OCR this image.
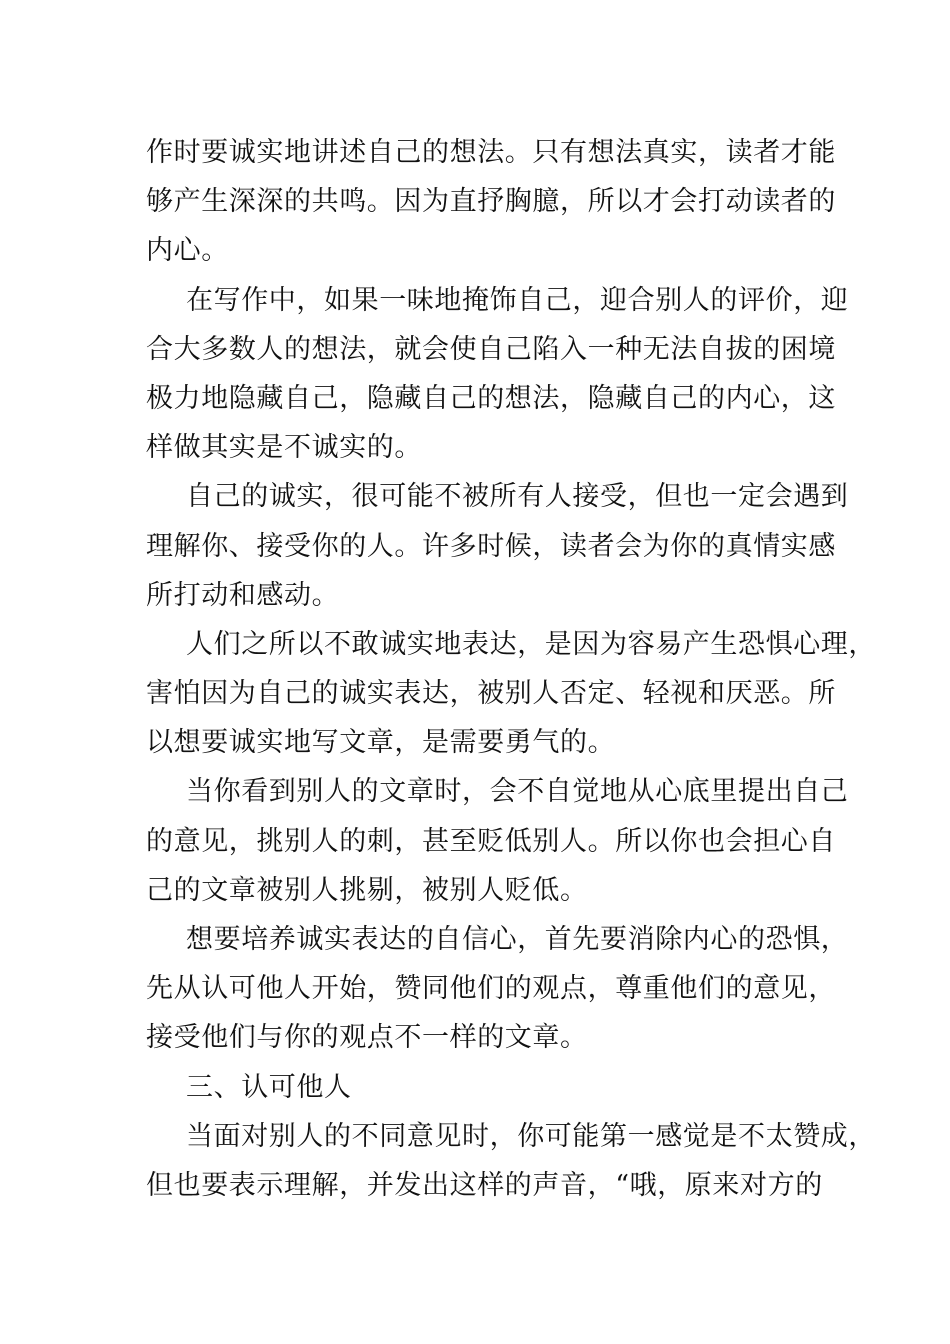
作时要诚实地讲述自己的想法。只有想法真实，读者才能
够产生深深的共鸣。因为直抒胸臆，所以才会打动读者的
内心。
在写作中，如果一味地掩饰自己，迎合别人的评价，迎
合大多数人的想法，就会使自己陷入一种无法自拔的困境
极力地隐藏自己，隐藏自己的想法，隐藏自己的内心，这
样做其实是不诚实的。
自己的诚实，很可能不被所有人接受，但也一定会遇到
理解你、接受你的人。许多时候，读者会为你的真情实感
所打动和感动。
人们之所以不敢诚实地表达，是因为容易产生恐惧心理，
害怕因为自己的诚实表达，被别人否定、轻视和厌恶。所
以想要诚实地写文章，是需要勇气的。
当你看到别人的文章时，会不自觉地从心底里提出自己
的意见，挑别人的刺，甚至贬低别人。所以你也会担心自
己的文章被别人挑剔，被别人贬低。
想要培养诚实表达的自信心，首先要消除内心的恐惧，
先从认可他人开始，赞同他们的观点，尊重他们的意见，
接受他们与你的观点不一样的文章。
三、认可他人
当面对别人的不同意见时，你可能第一感觉是不太赞成，
但也要表示理解，并发出这样的声音，“哦，原来对方的
